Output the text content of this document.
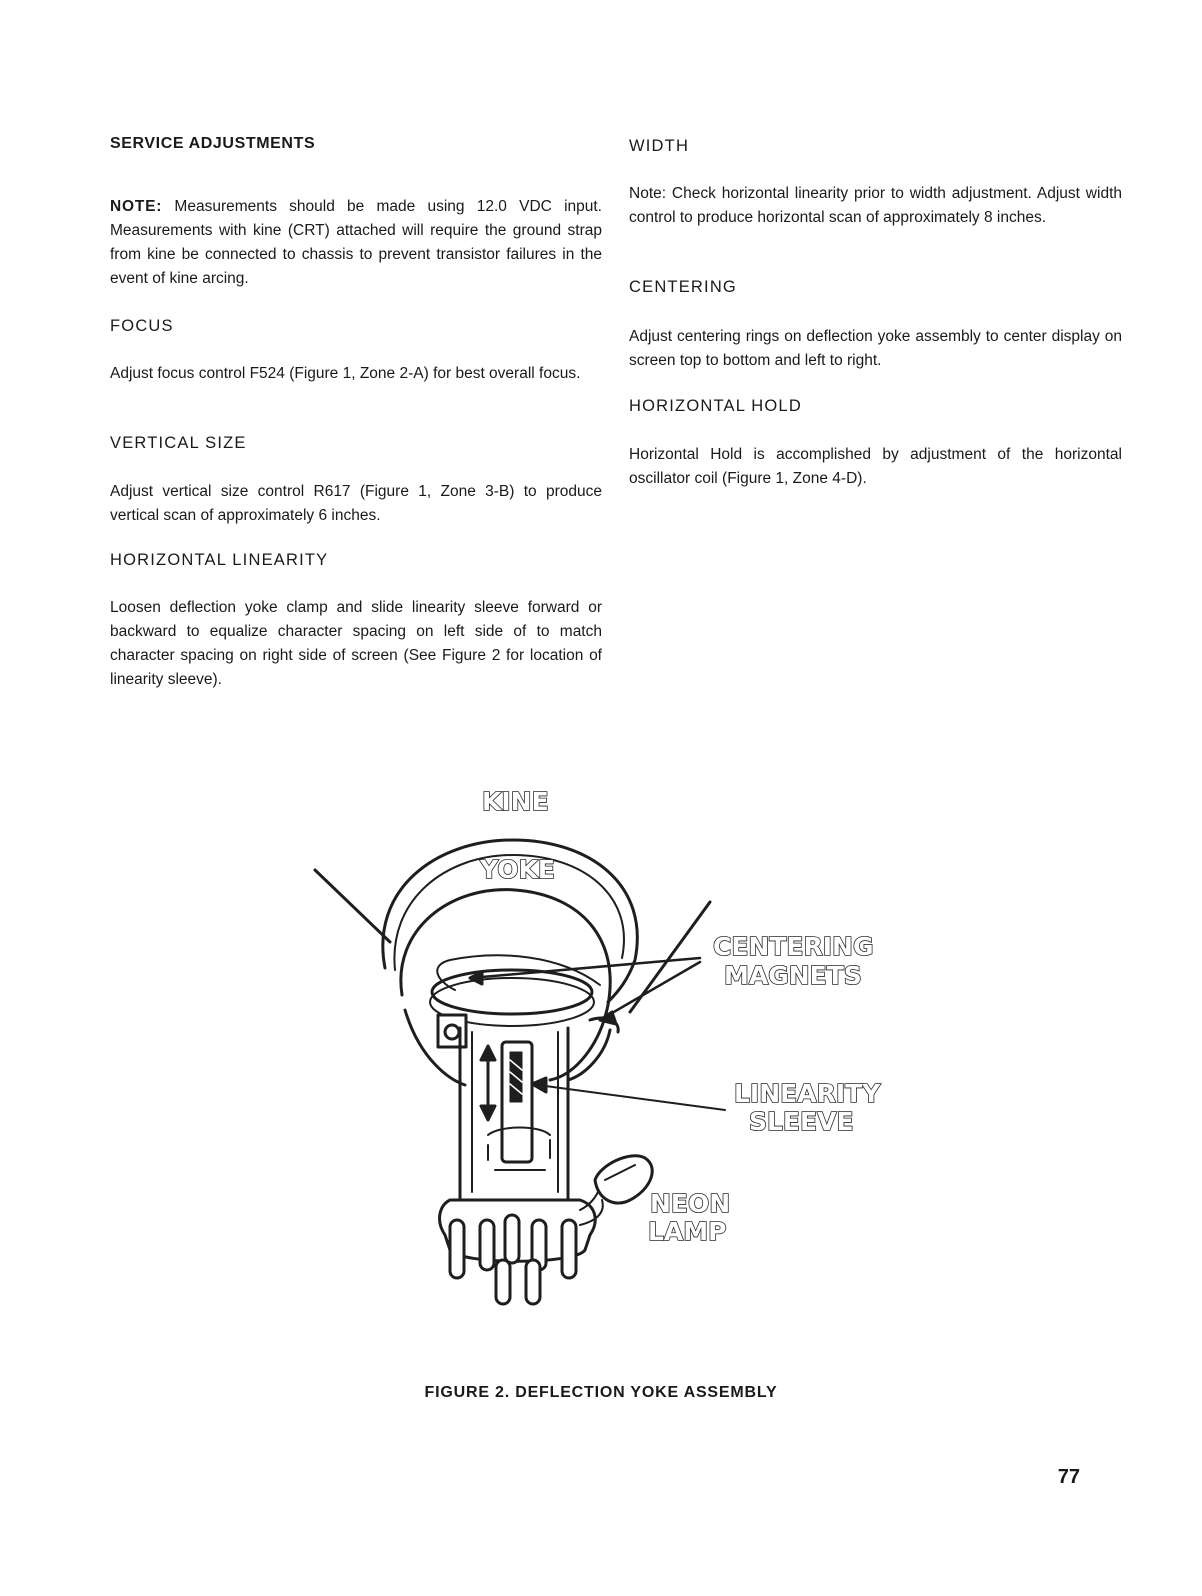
SERVICE ADJUSTMENTS

NOTE: Measurements should be made using 12.0 VDC input. Measurements with kine (CRT) attached will require the ground strap from kine be connected to chassis to prevent transistor failures in the event of kine arcing.

FOCUS

Adjust focus control F524 (Figure 1, Zone 2-A) for best overall focus.

VERTICAL SIZE

Adjust vertical size control R617 (Figure 1, Zone 3-B) to produce vertical scan of approximately 6 inches.

HORIZONTAL LINEARITY

Loosen deflection yoke clamp and slide linearity sleeve forward or backward to equalize character spacing on left side of to match character spacing on right side of screen (See Figure 2 for location of linearity sleeve).

WIDTH

Note: Check horizontal linearity prior to width adjustment. Adjust width control to produce horizontal scan of approximately 8 inches.

CENTERING

Adjust centering rings on deflection yoke assembly to center display on screen top to bottom and left to right.

HORIZONTAL HOLD

Horizontal Hold is accomplished by adjustment of the horizontal oscillator coil (Figure 1, Zone 4-D).

KINE
YOKE
CENTERING
MAGNETS
LINEARITY
SLEEVE
NEON
LAMP

FIGURE 2. DEFLECTION YOKE ASSEMBLY

77
